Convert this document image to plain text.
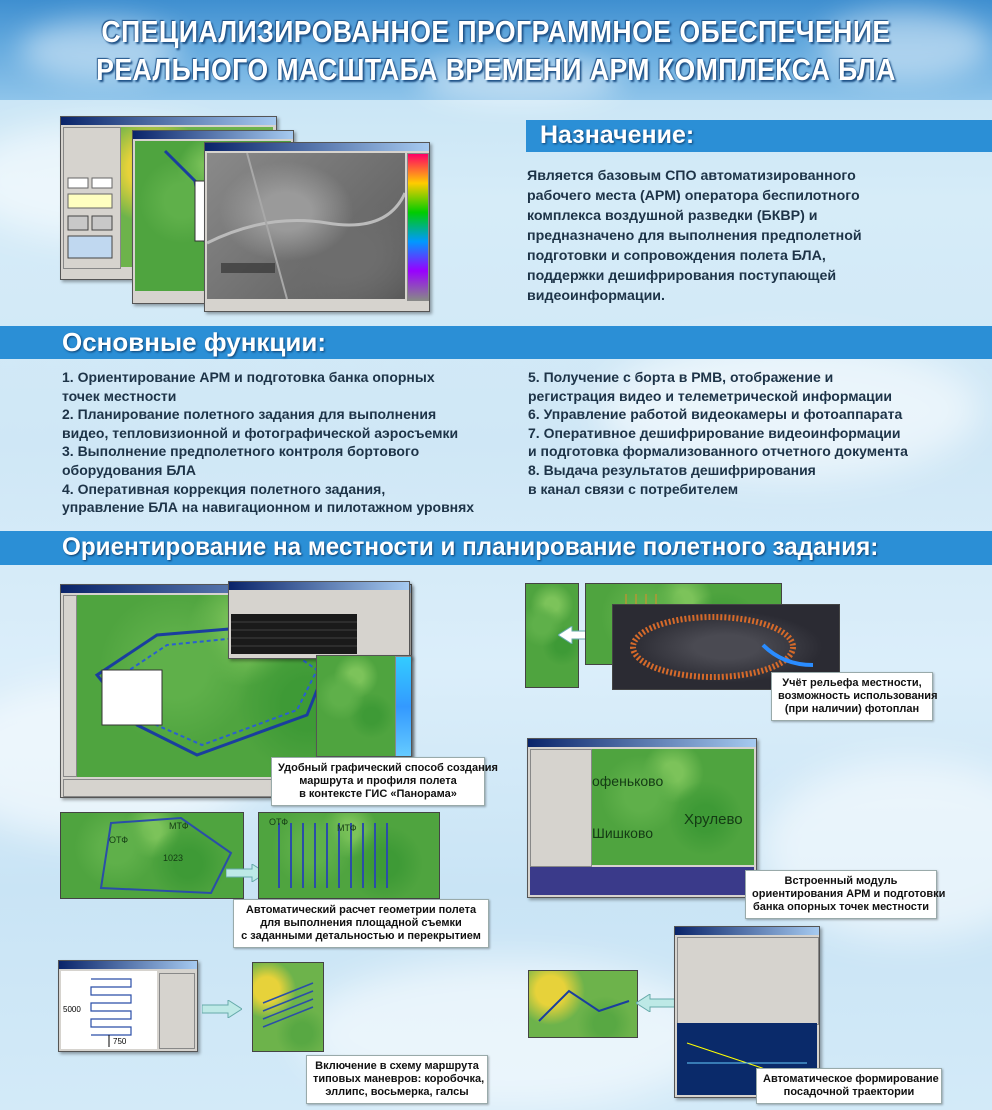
СПЕЦИАЛИЗИРОВАННОЕ ПРОГРАММНОЕ ОБЕСПЕЧЕНИЕ
РЕАЛЬНОГО МАСШТАБА ВРЕМЕНИ АРМ КОМПЛЕКСА БЛА
Назначение:
Является базовым СПО автоматизированного
рабочего места (АРМ) оператора беспилотного
комплекса воздушной разведки (БКВР) и
предназначено для выполнения предполетной
подготовки и сопровождения полета БЛА,
поддержки дешифрирования поступающей
видеоинформации.
Основные функции:
1. Ориентирование АРМ и подготовка банка опорных
точек местности
2. Планирование полетного задания для выполнения
видео, тепловизионной и фотографической аэросъемки
3. Выполнение предполетного контроля бортового
оборудования БЛА
4. Оперативная коррекция полетного задания,
управление БЛА на навигационном и пилотажном уровнях
5. Получение с борта в РМВ, отображение и
регистрация видео и телеметрической информации
6. Управление работой видеокамеры и фотоаппарата
7. Оперативное дешифрирование видеоинформации
и подготовка формализованного отчетного документа
8. Выдача результатов дешифрирования
в канал связи с потребителем
Ориентирование на местности и планирование полетного задания:
Удобный графический способ создания
маршрута и профиля полета
в контексте ГИС «Панорама»
ОТФ
МТФ
1023
ОТФ
МТФ
Автоматический расчет геометрии полета
для выполнения площадной съемки
с заданными детальностью и перекрытием
5000
750
Включение в схему маршрута
типовых маневров: коробочка,
эллипс, восьмерка, галсы
Учёт рельефа местности,
возможность использования
(при наличии) фотоплан
офеньково
Хрулево
Шишково
Встроенный модуль
ориентирования АРМ и подготовки
банка опорных точек местности
Автоматическое формирование
посадочной траектории
